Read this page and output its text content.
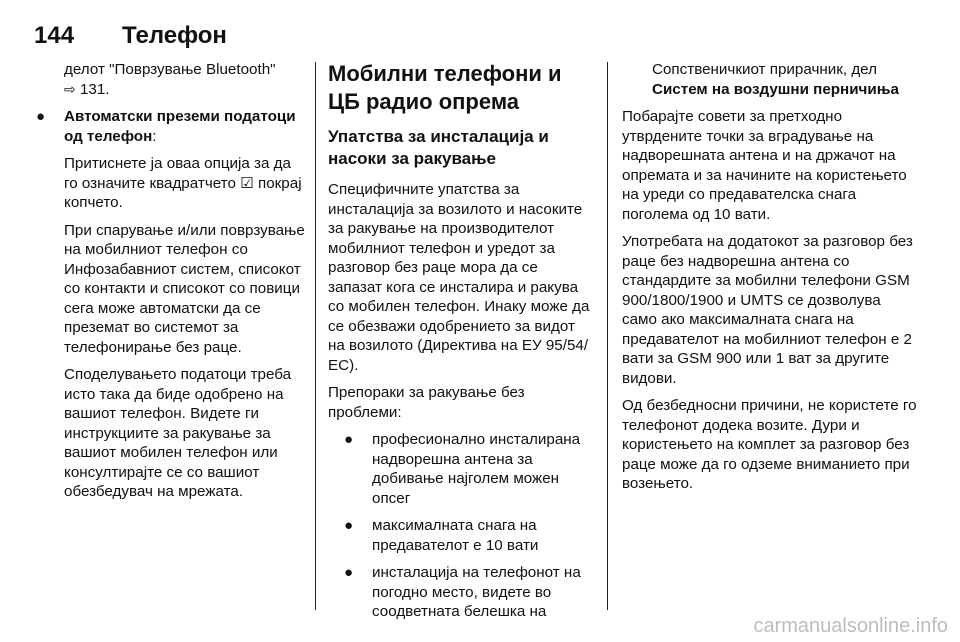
144	Телефон

делот "Поврзување Bluetooth"
⇨ 131.

● Автоматски преземи податоци од телефон:

Притиснете ја оваа опција за да го означите квадратчето ☑ покрај копчето.

При спарување и/или поврзување на мобилниот телефон со Инфозабавниот систем, списокот со контакти и списокот со повици сега може автоматски да се преземат во системот за телефонирање без раце.

Споделувањето податоци треба исто така да биде одобрено на вашиот телефон. Видете ги инструкциите за ракување за вашиот мобилен телефон или консултирајте се со вашиот обезбедувач на мрежата.

Мобилни телефони и ЦБ радио опрема
Упатства за инсталација и насоки за ракување

Специфичните упатства за инсталација за возилото и насоките за ракување на производителот мобилниот телефон и уредот за разговор без раце мора да се запазат кога се инсталира и ракува со мобилен телефон. Инаку може да се обезважи одобрението за видот на возилото (Директива на ЕУ 95/54/ ЕС).

Препораки за ракување без проблеми:

● професионално инсталирана надворешна антена за добивање најголем можен опсег
● максималната снага на предавателот е 10 вати
● инсталација на телефонот на погодно место, видете во соодветната белешка на

Сопственичкиот прирачник, дел Систем на воздушни перничиња

Побарајте совети за претходно утврдените точки за вградување на надворешната антена и на држачот на опремата и за начините на користењето на уреди со предавателска снага поголема од 10 вати.

Употребата на додатокот за разговор без раце без надворешна антена со стандардите за мобилни телефони GSM 900/1800/1900 и UMTS се дозволува само ако максималната снага на предавателот на мобилниот телефон е 2 вати за GSM 900 или 1 ват за другите видови.

Од безбедносни причини, не користете го телефонот додека возите. Дури и користењето на комплет за разговор без раце може да го одземе вниманието при возењето.

carmanualsonline.info
